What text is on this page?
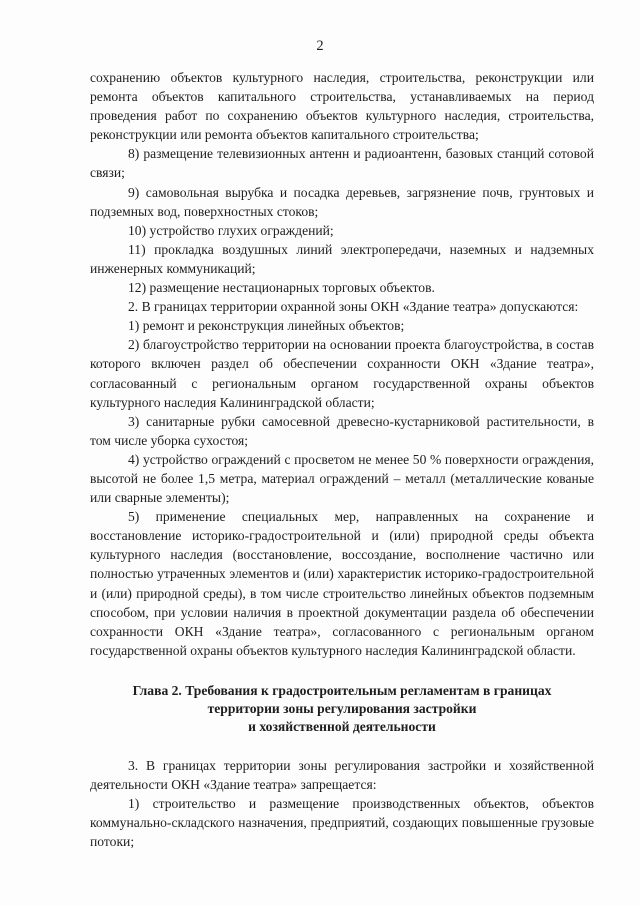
2

сохранению объектов культурного наследия, строительства, реконструкции или ремонта объектов капитального строительства, устанавливаемых на период проведения работ по сохранению объектов культурного наследия, строительства, реконструкции или ремонта объектов капитального строительства;

8) размещение телевизионных антенн и радиоантенн, базовых станций сотовой связи;

9) самовольная вырубка и посадка деревьев, загрязнение почв, грунтовых и подземных вод, поверхностных стоков;

10) устройство глухих ограждений;

11) прокладка воздушных линий электропередачи, наземных и надземных инженерных коммуникаций;

12) размещение нестационарных торговых объектов.

2. В границах территории охранной зоны ОКН «Здание театра» допускаются:

1) ремонт и реконструкция линейных объектов;

2) благоустройство территории на основании проекта благоустройства, в состав которого включен раздел об обеспечении сохранности ОКН «Здание театра», согласованный с региональным органом государственной охраны объектов культурного наследия Калининградской области;

3) санитарные рубки самосевной древесно-кустарниковой растительности, в том числе уборка сухостоя;

4) устройство ограждений с просветом не менее 50 % поверхности ограждения, высотой не более 1,5 метра, материал ограждений – металл (металлические кованые или сварные элементы);

5) применение специальных мер, направленных на сохранение и восстановление историко-градостроительной и (или) природной среды объекта культурного наследия (восстановление, воссоздание, восполнение частично или полностью утраченных элементов и (или) характеристик историко-градостроительной и (или) природной среды), в том числе строительство линейных объектов подземным способом, при условии наличия в проектной документации раздела об обеспечении сохранности ОКН «Здание театра», согласованного с региональным органом государственной охраны объектов культурного наследия Калининградской области.

Глава 2. Требования к градостроительным регламентам в границах
территории зоны регулирования застройки
и хозяйственной деятельности

3. В границах территории зоны регулирования застройки и хозяйственной деятельности ОКН «Здание театра» запрещается:

1) строительство и размещение производственных объектов, объектов коммунально-складского назначения, предприятий, создающих повышенные грузовые потоки;
